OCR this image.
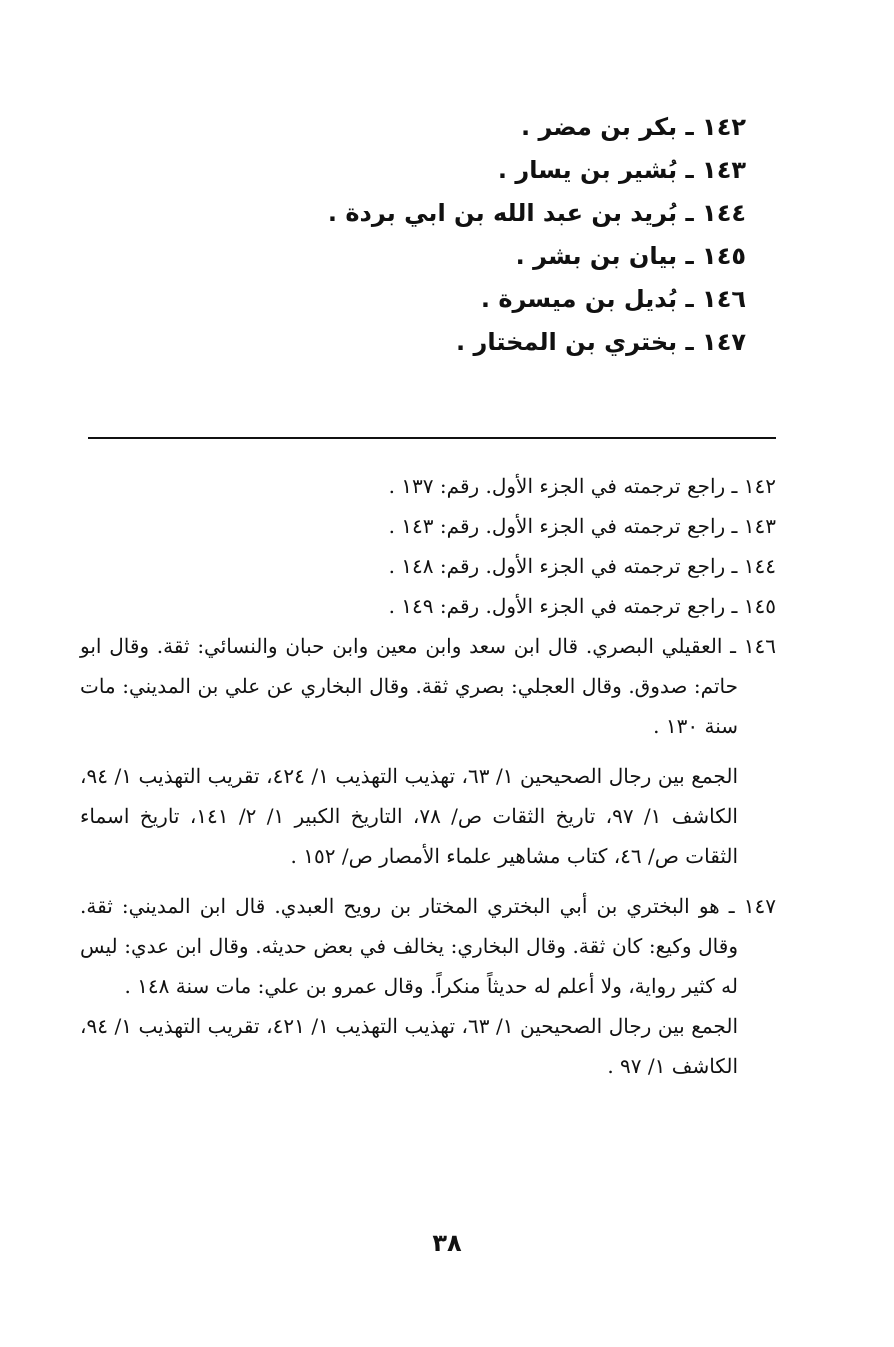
١٤٢ ـ بكر بن مضر .
١٤٣ ـ بُشير بن يسار .
١٤٤ ـ بُريد بن عبد الله بن ابي بردة .
١٤٥ ـ بيان بن بشر .
١٤٦ ـ بُديل بن ميسرة .
١٤٧ ـ بختري بن المختار .

١٤٢ ـ راجع ترجمته في الجزء الأول. رقم: ١٣٧ .

١٤٣ ـ راجع ترجمته في الجزء الأول. رقم: ١٤٣ .

١٤٤ ـ راجع ترجمته في الجزء الأول. رقم: ١٤٨ .

١٤٥ ـ راجع ترجمته في الجزء الأول. رقم: ١٤٩ .

١٤٦ ـ العقيلي البصري. قال ابن سعد وابن معين وابن حبان والنسائي: ثقة. وقال ابو حاتم: صدوق. وقال العجلي: بصري ثقة. وقال البخاري عن علي بن المديني: مات سنة ١٣٠ .

الجمع بين رجال الصحيحين ١/ ٦٣، تهذيب التهذيب ١/ ٤٢٤، تقريب التهذيب ١/ ٩٤، الكاشف ١/ ٩٧، تاريخ الثقات ص/ ٧٨، التاريخ الكبير ١/ ٢/ ١٤١، تاريخ اسماء الثقات ص/ ٤٦، كتاب مشاهير علماء الأمصار ص/ ١٥٢ .

١٤٧ ـ هو البختري بن أبي البختري المختار بن رويح العبدي. قال ابن المديني: ثقة. وقال وكيع: كان ثقة. وقال البخاري: يخالف في بعض حديثه. وقال ابن عدي: ليس له كثير رواية، ولا أعلم له حديثاً منكراً. وقال عمرو بن علي: مات سنة ١٤٨ .

الجمع بين رجال الصحيحين ١/ ٦٣، تهذيب التهذيب ١/ ٤٢١، تقريب التهذيب ١/ ٩٤، الكاشف ١/ ٩٧ .

٣٨
